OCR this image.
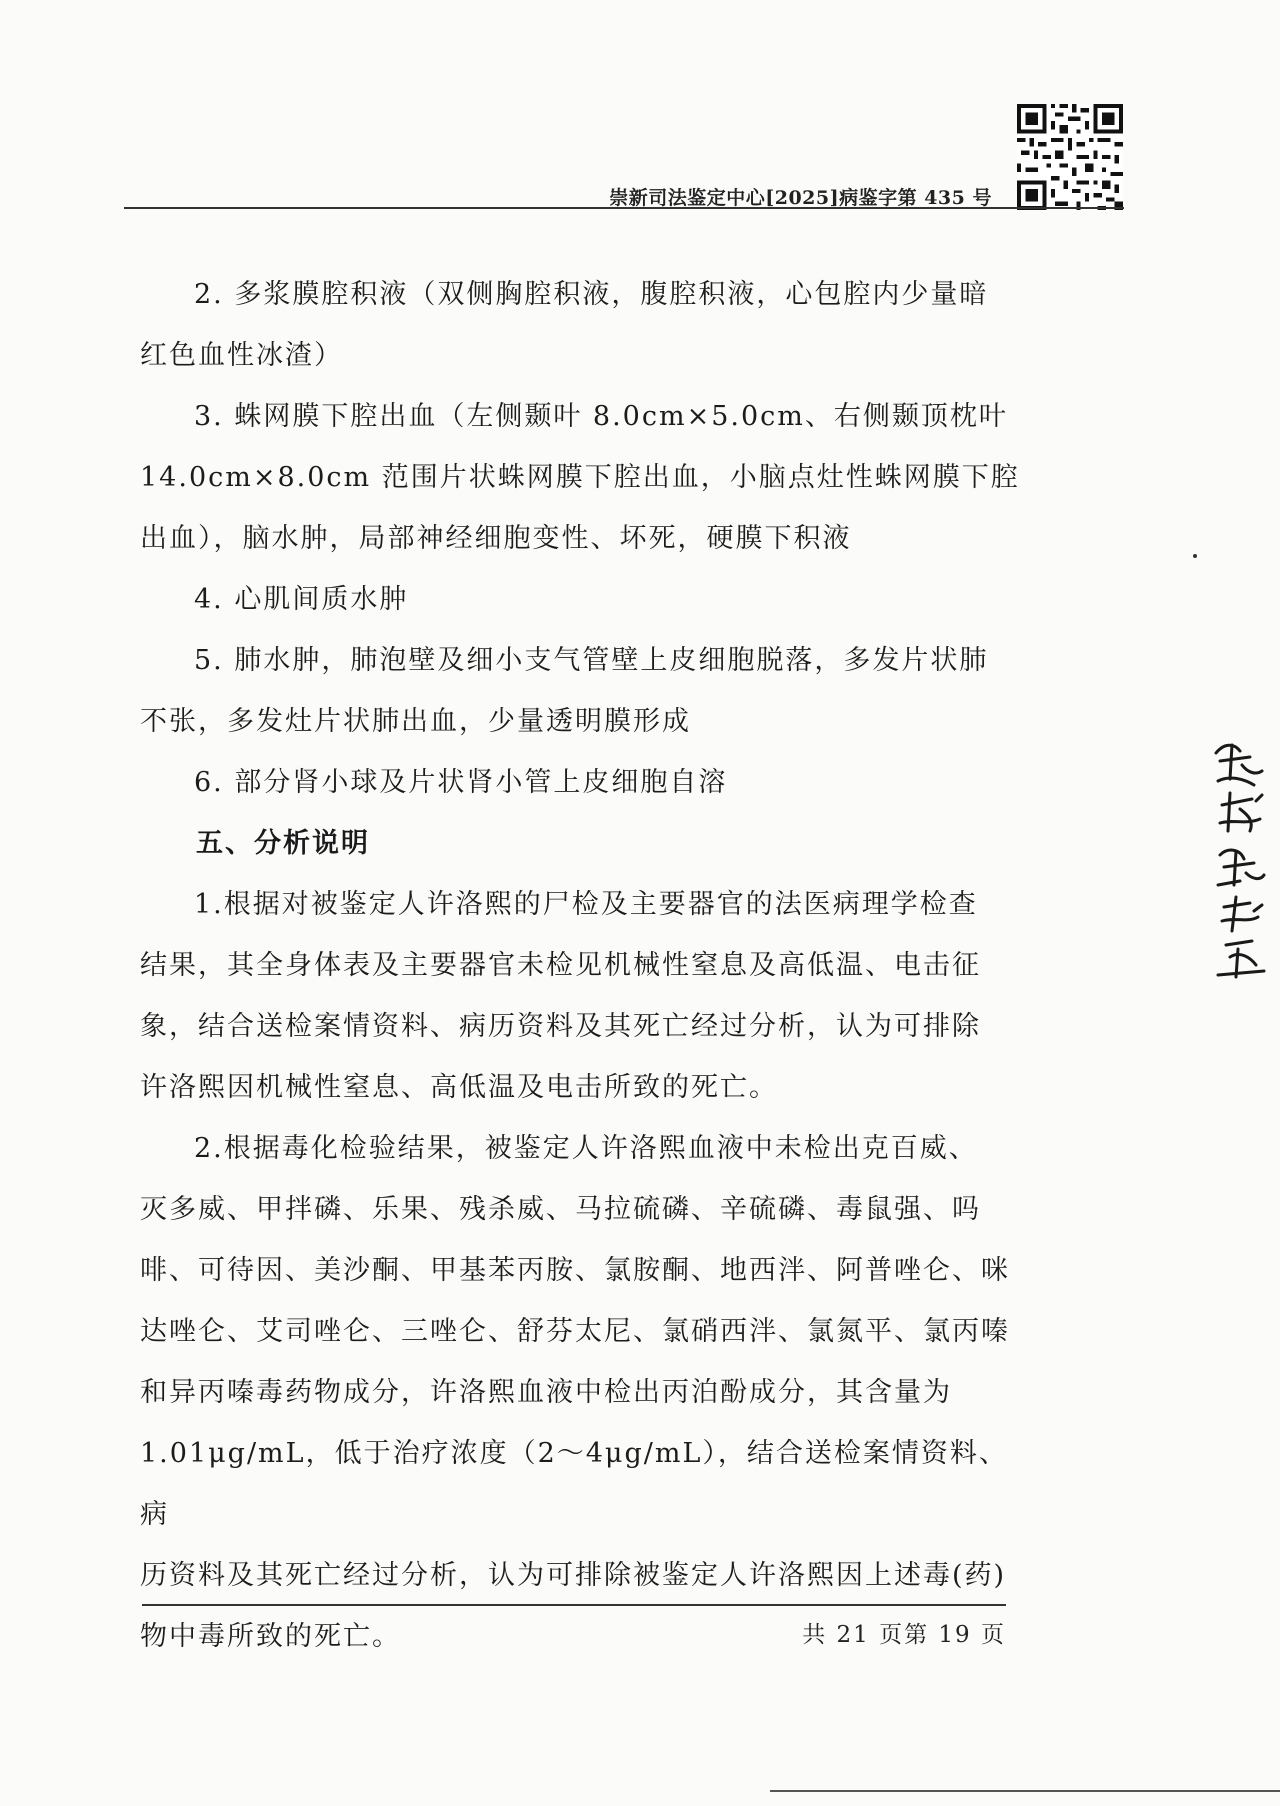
崇新司法鉴定中心[2025]病鉴字第 435 号

2. 多浆膜腔积液（双侧胸腔积液，腹腔积液，心包腔内少量暗
红色血性冰渣）

3. 蛛网膜下腔出血（左侧颞叶 8.0cm×5.0cm、右侧颞顶枕叶
14.0cm×8.0cm 范围片状蛛网膜下腔出血，小脑点灶性蛛网膜下腔
出血），脑水肿，局部神经细胞变性、坏死，硬膜下积液

4. 心肌间质水肿

5. 肺水肿，肺泡壁及细小支气管壁上皮细胞脱落，多发片状肺
不张，多发灶片状肺出血，少量透明膜形成

6. 部分肾小球及片状肾小管上皮细胞自溶

五、分析说明

1.根据对被鉴定人许洛熙的尸检及主要器官的法医病理学检查
结果，其全身体表及主要器官未检见机械性窒息及高低温、电击征
象，结合送检案情资料、病历资料及其死亡经过分析，认为可排除
许洛熙因机械性窒息、高低温及电击所致的死亡。

2.根据毒化检验结果，被鉴定人许洛熙血液中未检出克百威、
灭多威、甲拌磷、乐果、残杀威、马拉硫磷、辛硫磷、毒鼠强、吗
啡、可待因、美沙酮、甲基苯丙胺、氯胺酮、地西泮、阿普唑仑、咪
达唑仑、艾司唑仑、三唑仑、舒芬太尼、氯硝西泮、氯氮平、氯丙嗪
和异丙嗪毒药物成分，许洛熙血液中检出丙泊酚成分，其含量为
1.01μg/mL，低于治疗浓度（2～4μg/mL），结合送检案情资料、病
历资料及其死亡经过分析，认为可排除被鉴定人许洛熙因上述毒(药)
物中毒所致的死亡。	共 21 页第 19 页
